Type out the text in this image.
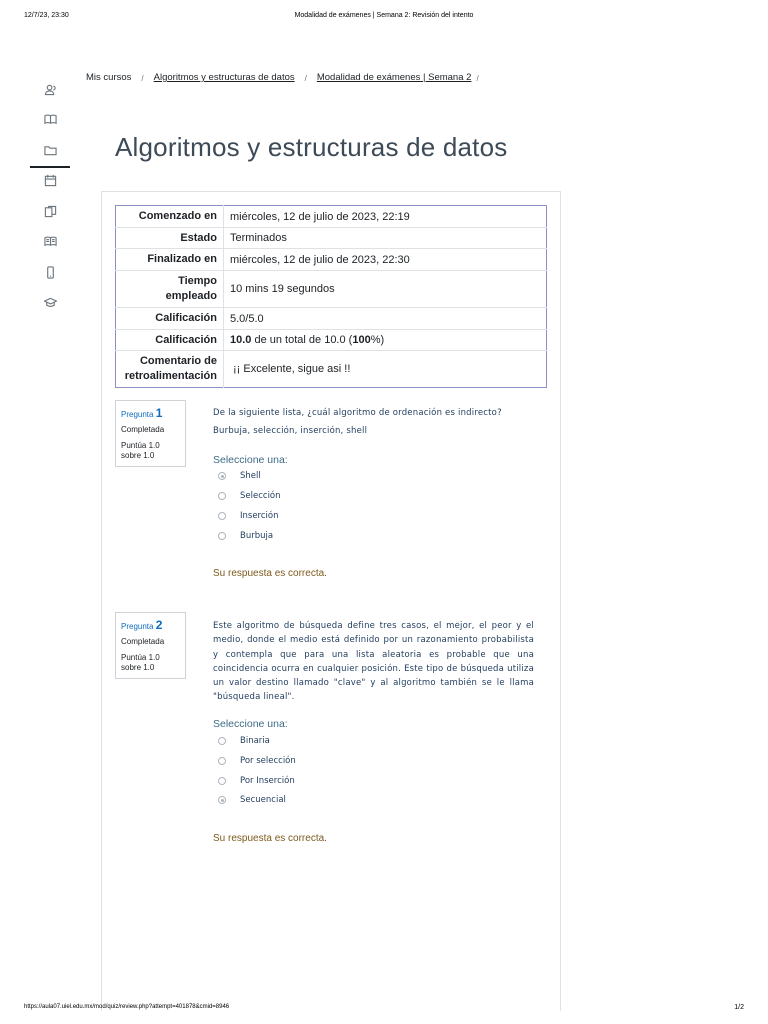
12/7/23, 23:30	Modalidad de exámenes | Semana 2: Revisión del intento
Mis cursos / Algoritmos y estructuras de datos / Modalidad de exámenes | Semana 2 /
Algoritmos y estructuras de datos
Comenzado en	miércoles, 12 de julio de 2023, 22:19
Estado	Terminados
Finalizado en	miércoles, 12 de julio de 2023, 22:30
Tiempo
empleado	10 mins 19 segundos
Calificación	5.0/5.0
Calificación	10.0 de un total de 10.0 (100%)
Comentario de
retroalimentación	¡¡ Excelente, sigue asi !!
Pregunta 1
Completada
Puntúa 1.0
sobre 1.0
De la siguiente lista, ¿cuál algoritmo de ordenación es indirecto?
Burbuja, selección, inserción, shell
Seleccione una:
Shell
Selección
Inserción
Burbuja
Su respuesta es correcta.
Pregunta 2
Completada
Puntúa 1.0
sobre 1.0
Este algoritmo de búsqueda define tres casos, el mejor, el peor y el medio, donde el medio está definido por un razonamiento probabilista y contempla que para una lista aleatoria es probable que una coincidencia ocurra en cualquier posición. Este tipo de búsqueda utiliza un valor destino llamado "clave" y al algoritmo también se le llama "búsqueda lineal".
Seleccione una:
Binaria
Por selección
Por Inserción
Secuencial
Su respuesta es correcta.
https://aula07.uiel.edu.mx/mod/quiz/review.php?attempt=401878&cmid=8946	1/2
